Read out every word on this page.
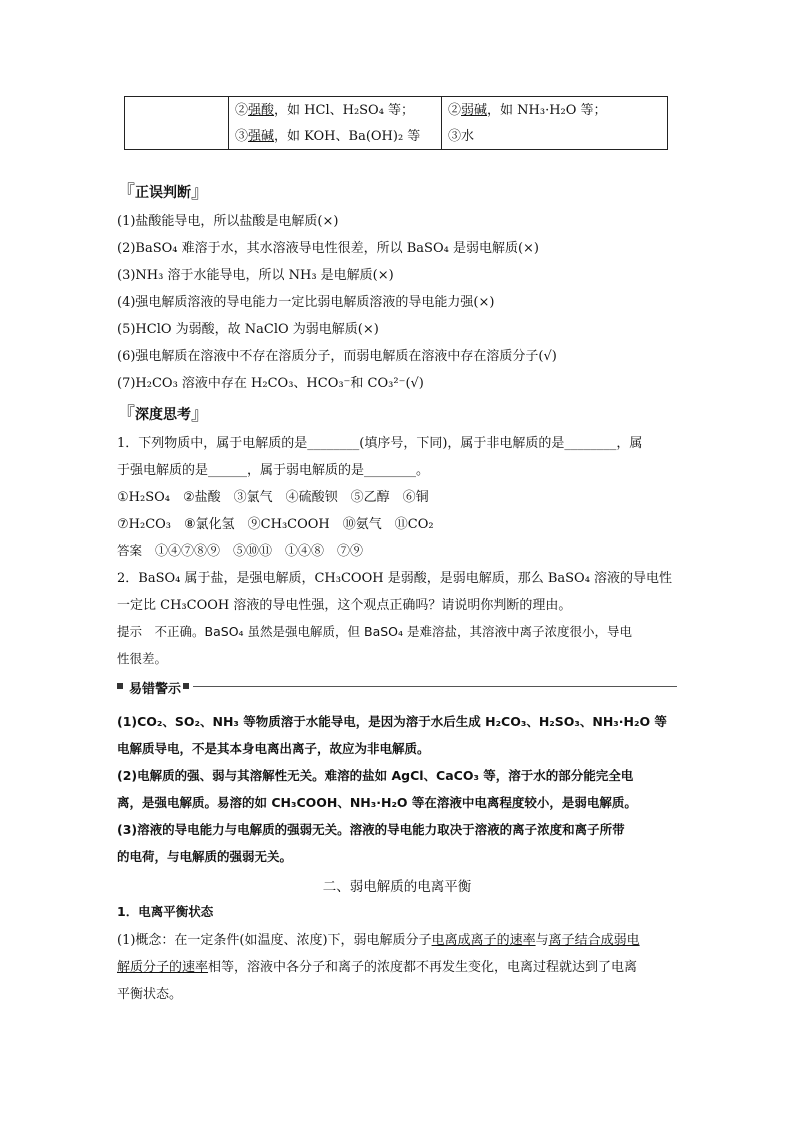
②强酸，如 HCl、H₂SO₄ 等；
③强碱，如 KOH、Ba(OH)₂ 等
②弱碱，如 NH₃·H₂O 等；
③水
『正误判断』
(1)盐酸能导电，所以盐酸是电解质(×)
(2)BaSO₄ 难溶于水，其水溶液导电性很差，所以 BaSO₄ 是弱电解质(×)
(3)NH₃ 溶于水能导电，所以 NH₃ 是电解质(×)
(4)强电解质溶液的导电能力一定比弱电解质溶液的导电能力强(×)
(5)HClO 为弱酸，故 NaClO 为弱电解质(×)
(6)强电解质在溶液中不存在溶质分子，而弱电解质在溶液中存在溶质分子(√)
(7)H₂CO₃ 溶液中存在 H₂CO₃、HCO₃⁻和 CO₃²⁻(√)
『深度思考』
1．下列物质中，属于电解质的是________(填序号，下同)，属于非电解质的是________，属
于强电解质的是______，属于弱电解质的是________。
①H₂SO₄　②盐酸　③氯气　④硫酸钡　⑤乙醇　⑥铜
⑦H₂CO₃　⑧氯化氢　⑨CH₃COOH　⑩氨气　⑪CO₂
答案　 ①④⑦⑧⑨　⑤⑩⑪　①④⑧　⑦⑨
2．BaSO₄ 属于盐，是强电解质，CH₃COOH 是弱酸，是弱电解质，那么 BaSO₄ 溶液的导电性
一定比 CH₃COOH 溶液的导电性强，这个观点正确吗？请说明你判断的理由。
提示　 不正确。BaSO₄ 虽然是强电解质，但 BaSO₄ 是难溶盐，其溶液中离子浓度很小，导电
性很差。
易错警示
(1)CO₂、SO₂、NH₃ 等物质溶于水能导电，是因为溶于水后生成 H₂CO₃、H₂SO₃、NH₃·H₂O 等
电解质导电，不是其本身电离出离子，故应为非电解质。
(2)电解质的强、弱与其溶解性无关。难溶的盐如 AgCl、CaCO₃ 等，溶于水的部分能完全电
离，是强电解质。易溶的如 CH₃COOH、NH₃·H₂O 等在溶液中电离程度较小，是弱电解质。
(3)溶液的导电能力与电解质的强弱无关。溶液的导电能力取决于溶液的离子浓度和离子所带
的电荷，与电解质的强弱无关。
二、弱电解质的电离平衡
1．电离平衡状态
(1)概念：在一定条件(如温度、浓度)下，弱电解质分子电离成离子的速率与离子结合成弱电
解质分子的速率相等，溶液中各分子和离子的浓度都不再发生变化，电离过程就达到了电离
平衡状态。
